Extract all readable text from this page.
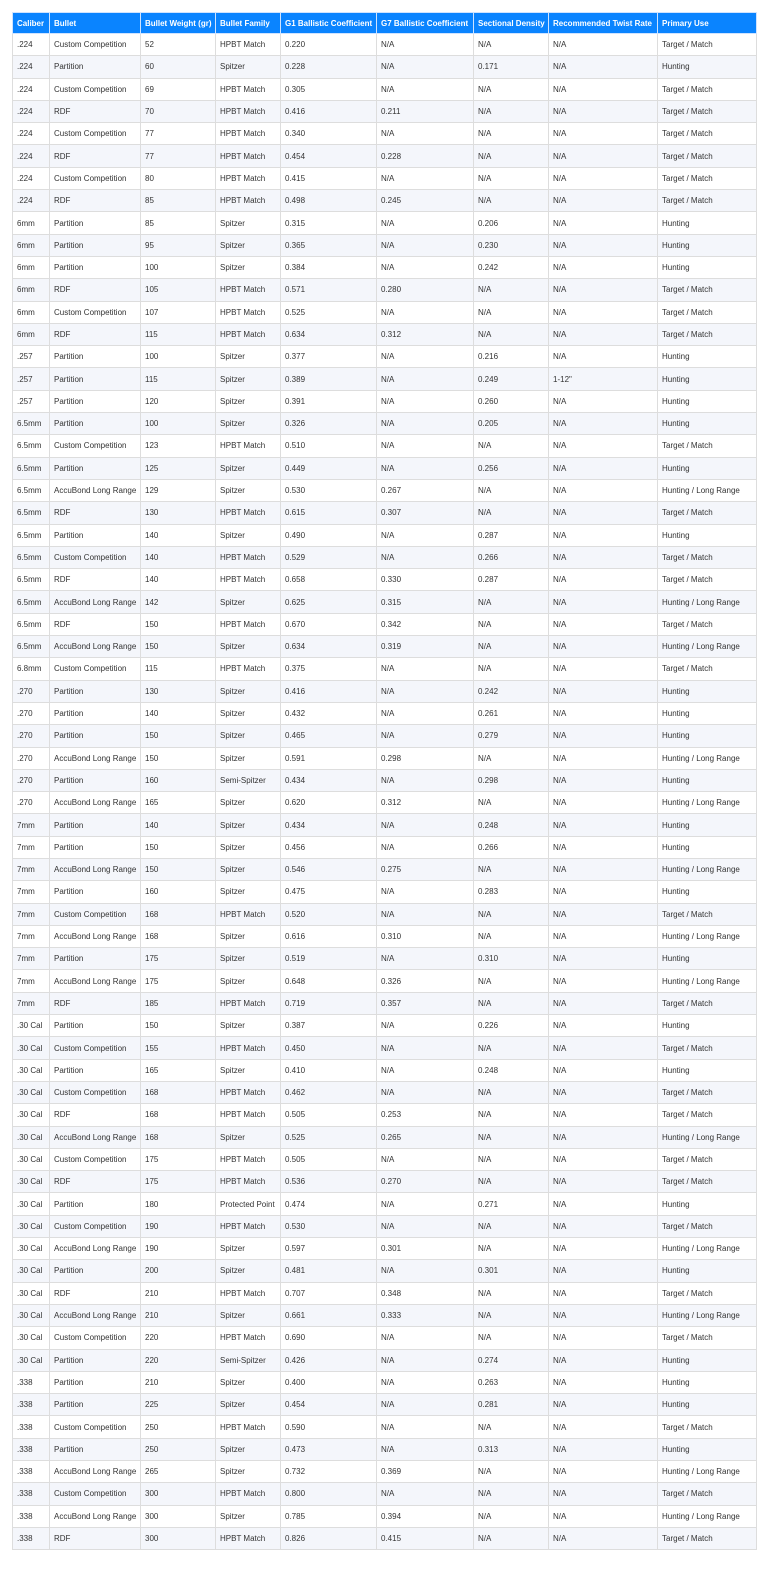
Caliber	Bullet	Bullet Weight (gr)	Bullet Family	G1 Ballistic Coefficient	G7 Ballistic Coefficient	Sectional Density	Recommended Twist Rate	Primary Use
.224	Custom Competition	52	HPBT Match	0.220	N/A	N/A	N/A	Target / Match
.224	Partition	60	Spitzer	0.228	N/A	0.171	N/A	Hunting
.224	Custom Competition	69	HPBT Match	0.305	N/A	N/A	N/A	Target / Match
.224	RDF	70	HPBT Match	0.416	0.211	N/A	N/A	Target / Match
.224	Custom Competition	77	HPBT Match	0.340	N/A	N/A	N/A	Target / Match
.224	RDF	77	HPBT Match	0.454	0.228	N/A	N/A	Target / Match
.224	Custom Competition	80	HPBT Match	0.415	N/A	N/A	N/A	Target / Match
.224	RDF	85	HPBT Match	0.498	0.245	N/A	N/A	Target / Match
6mm	Partition	85	Spitzer	0.315	N/A	0.206	N/A	Hunting
6mm	Partition	95	Spitzer	0.365	N/A	0.230	N/A	Hunting
6mm	Partition	100	Spitzer	0.384	N/A	0.242	N/A	Hunting
6mm	RDF	105	HPBT Match	0.571	0.280	N/A	N/A	Target / Match
6mm	Custom Competition	107	HPBT Match	0.525	N/A	N/A	N/A	Target / Match
6mm	RDF	115	HPBT Match	0.634	0.312	N/A	N/A	Target / Match
.257	Partition	100	Spitzer	0.377	N/A	0.216	N/A	Hunting
.257	Partition	115	Spitzer	0.389	N/A	0.249	1-12"	Hunting
.257	Partition	120	Spitzer	0.391	N/A	0.260	N/A	Hunting
6.5mm	Partition	100	Spitzer	0.326	N/A	0.205	N/A	Hunting
6.5mm	Custom Competition	123	HPBT Match	0.510	N/A	N/A	N/A	Target / Match
6.5mm	Partition	125	Spitzer	0.449	N/A	0.256	N/A	Hunting
6.5mm	AccuBond Long Range	129	Spitzer	0.530	0.267	N/A	N/A	Hunting / Long Range
6.5mm	RDF	130	HPBT Match	0.615	0.307	N/A	N/A	Target / Match
6.5mm	Partition	140	Spitzer	0.490	N/A	0.287	N/A	Hunting
6.5mm	Custom Competition	140	HPBT Match	0.529	N/A	0.266	N/A	Target / Match
6.5mm	RDF	140	HPBT Match	0.658	0.330	0.287	N/A	Target / Match
6.5mm	AccuBond Long Range	142	Spitzer	0.625	0.315	N/A	N/A	Hunting / Long Range
6.5mm	RDF	150	HPBT Match	0.670	0.342	N/A	N/A	Target / Match
6.5mm	AccuBond Long Range	150	Spitzer	0.634	0.319	N/A	N/A	Hunting / Long Range
6.8mm	Custom Competition	115	HPBT Match	0.375	N/A	N/A	N/A	Target / Match
.270	Partition	130	Spitzer	0.416	N/A	0.242	N/A	Hunting
.270	Partition	140	Spitzer	0.432	N/A	0.261	N/A	Hunting
.270	Partition	150	Spitzer	0.465	N/A	0.279	N/A	Hunting
.270	AccuBond Long Range	150	Spitzer	0.591	0.298	N/A	N/A	Hunting / Long Range
.270	Partition	160	Semi-Spitzer	0.434	N/A	0.298	N/A	Hunting
.270	AccuBond Long Range	165	Spitzer	0.620	0.312	N/A	N/A	Hunting / Long Range
7mm	Partition	140	Spitzer	0.434	N/A	0.248	N/A	Hunting
7mm	Partition	150	Spitzer	0.456	N/A	0.266	N/A	Hunting
7mm	AccuBond Long Range	150	Spitzer	0.546	0.275	N/A	N/A	Hunting / Long Range
7mm	Partition	160	Spitzer	0.475	N/A	0.283	N/A	Hunting
7mm	Custom Competition	168	HPBT Match	0.520	N/A	N/A	N/A	Target / Match
7mm	AccuBond Long Range	168	Spitzer	0.616	0.310	N/A	N/A	Hunting / Long Range
7mm	Partition	175	Spitzer	0.519	N/A	0.310	N/A	Hunting
7mm	AccuBond Long Range	175	Spitzer	0.648	0.326	N/A	N/A	Hunting / Long Range
7mm	RDF	185	HPBT Match	0.719	0.357	N/A	N/A	Target / Match
.30 Cal	Partition	150	Spitzer	0.387	N/A	0.226	N/A	Hunting
.30 Cal	Custom Competition	155	HPBT Match	0.450	N/A	N/A	N/A	Target / Match
.30 Cal	Partition	165	Spitzer	0.410	N/A	0.248	N/A	Hunting
.30 Cal	Custom Competition	168	HPBT Match	0.462	N/A	N/A	N/A	Target / Match
.30 Cal	RDF	168	HPBT Match	0.505	0.253	N/A	N/A	Target / Match
.30 Cal	AccuBond Long Range	168	Spitzer	0.525	0.265	N/A	N/A	Hunting / Long Range
.30 Cal	Custom Competition	175	HPBT Match	0.505	N/A	N/A	N/A	Target / Match
.30 Cal	RDF	175	HPBT Match	0.536	0.270	N/A	N/A	Target / Match
.30 Cal	Partition	180	Protected Point	0.474	N/A	0.271	N/A	Hunting
.30 Cal	Custom Competition	190	HPBT Match	0.530	N/A	N/A	N/A	Target / Match
.30 Cal	AccuBond Long Range	190	Spitzer	0.597	0.301	N/A	N/A	Hunting / Long Range
.30 Cal	Partition	200	Spitzer	0.481	N/A	0.301	N/A	Hunting
.30 Cal	RDF	210	HPBT Match	0.707	0.348	N/A	N/A	Target / Match
.30 Cal	AccuBond Long Range	210	Spitzer	0.661	0.333	N/A	N/A	Hunting / Long Range
.30 Cal	Custom Competition	220	HPBT Match	0.690	N/A	N/A	N/A	Target / Match
.30 Cal	Partition	220	Semi-Spitzer	0.426	N/A	0.274	N/A	Hunting
.338	Partition	210	Spitzer	0.400	N/A	0.263	N/A	Hunting
.338	Partition	225	Spitzer	0.454	N/A	0.281	N/A	Hunting
.338	Custom Competition	250	HPBT Match	0.590	N/A	N/A	N/A	Target / Match
.338	Partition	250	Spitzer	0.473	N/A	0.313	N/A	Hunting
.338	AccuBond Long Range	265	Spitzer	0.732	0.369	N/A	N/A	Hunting / Long Range
.338	Custom Competition	300	HPBT Match	0.800	N/A	N/A	N/A	Target / Match
.338	AccuBond Long Range	300	Spitzer	0.785	0.394	N/A	N/A	Hunting / Long Range
.338	RDF	300	HPBT Match	0.826	0.415	N/A	N/A	Target / Match
